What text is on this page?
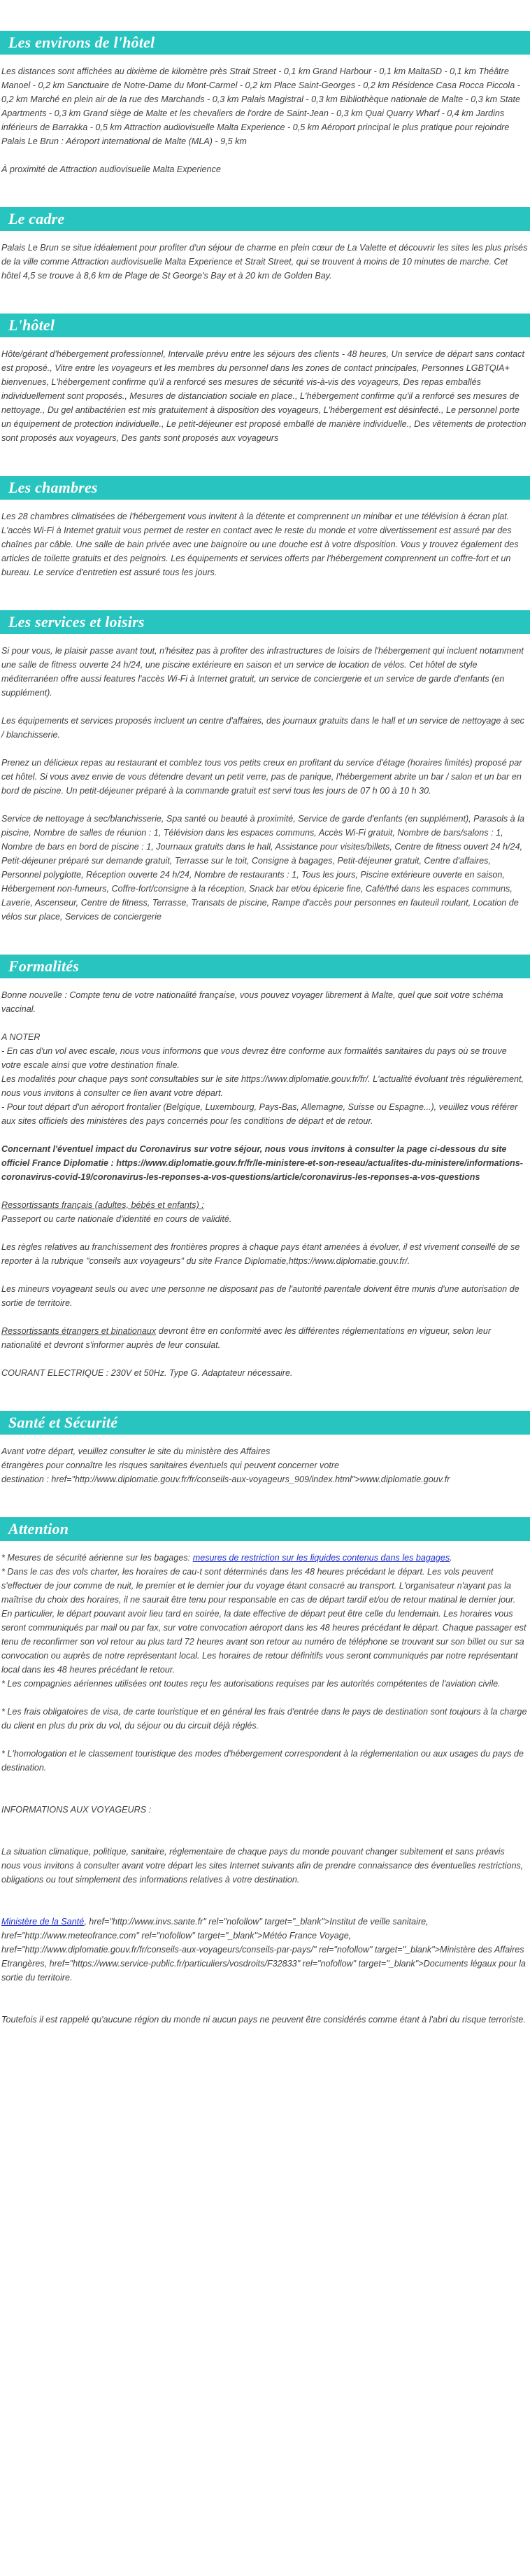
Les environs de l'hôtel

Les distances sont affichées au dixième de kilomètre près Strait Street - 0,1 km Grand Harbour - 0,1 km MaltaSD - 0,1 km Théâtre Manoel - 0,2 km Sanctuaire de Notre-Dame du Mont-Carmel - 0,2 km Place Saint-Georges - 0,2 km Résidence Casa Rocca Piccola - 0,2 km Marché en plein air de la rue des Marchands - 0,3 km Palais Magistral - 0,3 km Bibliothèque nationale de Malte - 0,3 km State Apartments - 0,3 km Grand siège de Malte et les chevaliers de l'ordre de Saint-Jean - 0,3 km Quai Quarry Wharf - 0,4 km Jardins inférieurs de Barrakka - 0,5 km Attraction audiovisuelle Malta Experience - 0,5 km Aéroport principal le plus pratique pour rejoindre Palais Le Brun : Aéroport international de Malte (MLA) - 9,5 km

À proximité de Attraction audiovisuelle Malta Experience

Le cadre

Palais Le Brun se situe idéalement pour profiter d'un séjour de charme en plein cœur de La Valette et découvrir les sites les plus prisés de la ville comme Attraction audiovisuelle Malta Experience et Strait Street, qui se trouvent à moins de 10 minutes de marche. Cet hôtel 4,5 se trouve à 8,6 km de Plage de St George's Bay et à 20 km de Golden Bay.

L'hôtel

Hôte/gérant d'hébergement professionnel, Intervalle prévu entre les séjours des clients - 48 heures, Un service de départ sans contact est proposé., Vitre entre les voyageurs et les membres du personnel dans les zones de contact principales, Personnes LGBTQIA+ bienvenues, L'hébergement confirme qu'il a renforcé ses mesures de sécurité vis-à-vis des voyageurs, Des repas emballés individuellement sont proposés., Mesures de distanciation sociale en place., L'hébergement confirme qu'il a renforcé ses mesures de nettoyage., Du gel antibactérien est mis gratuitement à disposition des voyageurs, L'hébergement est désinfecté., Le personnel porte un équipement de protection individuelle., Le petit-déjeuner est proposé emballé de manière individuelle., Des vêtements de protection sont proposés aux voyageurs, Des gants sont proposés aux voyageurs

Les chambres

Les 28 chambres climatisées de l'hébergement vous invitent à la détente et comprennent un minibar et une télévision à écran plat. L'accès Wi-Fi à Internet gratuit vous permet de rester en contact avec le reste du monde et votre divertissement est assuré par des chaînes par câble. Une salle de bain privée avec une baignoire ou une douche est à votre disposition. Vous y trouvez également des articles de toilette gratuits et des peignoirs. Les équipements et services offerts par l'hébergement comprennent un coffre-fort et un bureau. Le service d'entretien est assuré tous les jours.

Les services et loisirs

Si pour vous, le plaisir passe avant tout, n'hésitez pas à profiter des infrastructures de loisirs de l'hébergement qui incluent notamment une salle de fitness ouverte 24 h/24, une piscine extérieure en saison et un service de location de vélos. Cet hôtel de style méditerranéen offre aussi features l'accès Wi-Fi à Internet gratuit, un service de conciergerie et un service de garde d'enfants (en supplément).

Les équipements et services proposés incluent un centre d'affaires, des journaux gratuits dans le hall et un service de nettoyage à sec / blanchisserie.

Prenez un délicieux repas au restaurant et comblez tous vos petits creux en profitant du service d'étage (horaires limités) proposé par cet hôtel. Si vous avez envie de vous détendre devant un petit verre, pas de panique, l'hébergement abrite un bar / salon et un bar en bord de piscine. Un petit-déjeuner préparé à la commande gratuit est servi tous les jours de 07 h 00 à 10 h 30.

Service de nettoyage à sec/blanchisserie, Spa santé ou beauté à proximité, Service de garde d'enfants (en supplément), Parasols à la piscine, Nombre de salles de réunion : 1, Télévision dans les espaces communs, Accès Wi-Fi gratuit, Nombre de bars/salons : 1, Nombre de bars en bord de piscine : 1, Journaux gratuits dans le hall, Assistance pour visites/billets, Centre de fitness ouvert 24 h/24, Petit-déjeuner préparé sur demande gratuit, Terrasse sur le toit, Consigne à bagages, Petit-déjeuner gratuit, Centre d'affaires, Personnel polyglotte, Réception ouverte 24 h/24, Nombre de restaurants : 1, Tous les jours, Piscine extérieure ouverte en saison, Hébergement non-fumeurs, Coffre-fort/consigne à la réception, Snack bar et/ou épicerie fine, Café/thé dans les espaces communs, Laverie, Ascenseur, Centre de fitness, Terrasse, Transats de piscine, Rampe d'accès pour personnes en fauteuil roulant, Location de vélos sur place, Services de conciergerie

Formalités

Bonne nouvelle : Compte tenu de votre nationalité française, vous pouvez voyager librement à Malte, quel que soit votre schéma vaccinal.

A NOTER

- En cas d'un vol avec escale, nous vous informons que vous devrez être conforme aux formalités sanitaires du pays où se trouve votre escale ainsi que votre destination finale.

Les modalités pour chaque pays sont consultables sur le site https://www.diplomatie.gouv.fr/fr/. L'actualité évoluant très régulièrement, nous vous invitons à consulter ce lien avant votre départ.

- Pour tout départ d'un aéroport frontalier (Belgique, Luxembourg, Pays-Bas, Allemagne, Suisse ou Espagne...), veuillez vous référer aux sites officiels des ministères des pays concernés pour les conditions de départ et de retour.

Concernant l'éventuel impact du Coronavirus sur votre séjour, nous vous invitons à consulter la page ci-dessous du site officiel France Diplomatie : https://www.diplomatie.gouv.fr/fr/le-ministere-et-son-reseau/actualites-du-ministere/informations-coronavirus-covid-19/coronavirus-les-reponses-a-vos-questions/article/coronavirus-les-reponses-a-vos-questions

Ressortissants français (adultes, bébés et enfants) :

Passeport ou carte nationale d'identité en cours de validité.

Les règles relatives au franchissement des frontières propres à chaque pays étant amenées à évoluer, il est vivement conseillé de se reporter à la rubrique "conseils aux voyageurs" du site France Diplomatie,https://www.diplomatie.gouv.fr/.

Les mineurs voyageant seuls ou avec une personne ne disposant pas de l'autorité parentale doivent être munis d'une autorisation de sortie de territoire.

Ressortissants étrangers et binationaux devront être en conformité avec les différentes réglementations en vigueur, selon leur nationalité et devront s'informer auprès de leur consulat.

COURANT ELECTRIQUE : 230V et 50Hz. Type G. Adaptateur nécessaire.

Santé et Sécurité

Avant votre départ, veuillez consulter le site du ministère des Affaires

étrangères pour connaître les risques sanitaires éventuels qui peuvent concerner votre

destination : href="http://www.diplomatie.gouv.fr/fr/conseils-aux-voyageurs_909/index.html">www.diplomatie.gouv.fr

Attention

* Mesures de sécurité aérienne sur les bagages: mesures de restriction sur les liquides contenus dans les bagages.

* Dans le cas des vols charter, les horaires de cau-t sont déterminés dans les 48 heures précédant le départ. Les vols peuvent s'effectuer de jour comme de nuit, le premier et le dernier jour du voyage étant consacré au transport. L'organisateur n'ayant pas la maîtrise du choix des horaires, il ne saurait être tenu pour responsable en cas de départ tardif et/ou de retour matinal le dernier jour. En particulier, le départ pouvant avoir lieu tard en soirée, la date effective de départ peut être celle du lendemain. Les horaires vous seront communiqués par mail ou par fax, sur votre convocation aéroport dans les 48 heures précédant le départ. Chaque passager est tenu de reconfirmer son vol retour au plus tard 72 heures avant son retour au numéro de téléphone se trouvant sur son billet ou sur sa convocation ou auprès de notre représentant local. Les horaires de retour définitifs vous seront communiqués par notre représentant local dans les 48 heures précédant le retour.

* Les compagnies aériennes utilisées ont toutes reçu les autorisations requises par les autorités compétentes de l'aviation civile.

* Les frais obligatoires de visa, de carte touristique et en général les frais d'entrée dans le pays de destination sont toujours à la charge du client en plus du prix du vol, du séjour ou du circuit déjà réglés.

* L'homologation et le classement touristique des modes d'hébergement correspondent à la réglementation ou aux usages du pays de destination.

INFORMATIONS AUX VOYAGEURS :

La situation climatique, politique, sanitaire, réglementaire de chaque pays du monde pouvant changer subitement et sans préavis

nous vous invitons à consulter avant votre départ les sites Internet suivants afin de prendre connaissance des éventuelles restrictions, obligations ou tout simplement des informations relatives à votre destination.

Ministère de la Santé, href="http://www.invs.sante.fr" rel="nofollow" target="_blank">Institut de veille sanitaire, href="http://www.meteofrance.com" rel="nofollow" target="_blank">Météo France Voyage, href="http://www.diplomatie.gouv.fr/fr/conseils-aux-voyageurs/conseils-par-pays/" rel="nofollow" target="_blank">Ministère des Affaires Etrangères, href="https://www.service-public.fr/particuliers/vosdroits/F32833" rel="nofollow" target="_blank">Documents légaux pour la sortie du territoire.

Toutefois il est rappelé qu'aucune région du monde ni aucun pays ne peuvent être considérés comme étant à l'abri du risque terroriste.
